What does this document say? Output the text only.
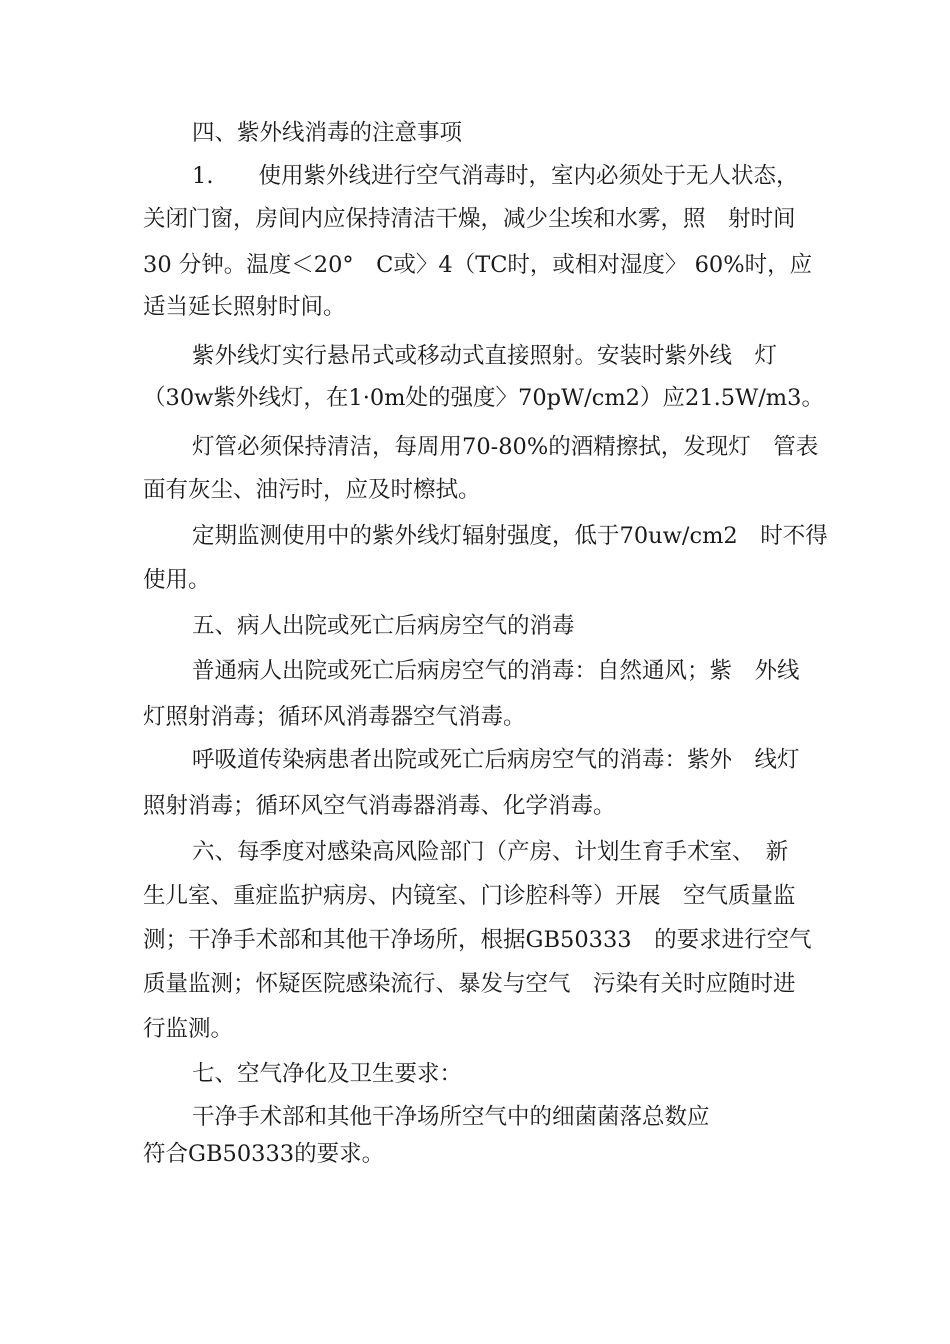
四、紫外线消毒的注意事项
1.　　使用紫外线进行空气消毒时，室内必须处于无人状态，
关闭门窗，房间内应保持清洁干燥，减少尘埃和水雾，照　射时间
30 分钟。温度＜20°　C或〉4（TC时，或相对湿度〉 60%时，应
适当延长照射时间。
紫外线灯实行悬吊式或移动式直接照射。安装时紫外线　灯
（30w紫外线灯，在1·0m处的强度〉70pW/cm2）应21.5W/m3。
灯管必须保持清洁，每周用70-80%的酒精擦拭，发现灯　管表
面有灰尘、油污时，应及时檫拭。
定期监测使用中的紫外线灯辐射强度，低于70uw/cm2　时不得
使用。
五、病人出院或死亡后病房空气的消毒
普通病人出院或死亡后病房空气的消毒：自然通风；紫　外线
灯照射消毒；循环风消毒器空气消毒。
呼吸道传染病患者出院或死亡后病房空气的消毒：紫外　线灯
照射消毒；循环风空气消毒器消毒、化学消毒。
六、每季度对感染高风险部门（产房、计划生育手术室、　新
生儿室、重症监护病房、内镜室、门诊腔科等）开展　空气质量监
测；干净手术部和其他干净场所，根据GB50333　的要求进行空气
质量监测；怀疑医院感染流行、暴发与空气　污染有关时应随时进
行监测。
七、空气净化及卫生要求：
干净手术部和其他干净场所空气中的细菌菌落总数应
符合GB50333的要求。
